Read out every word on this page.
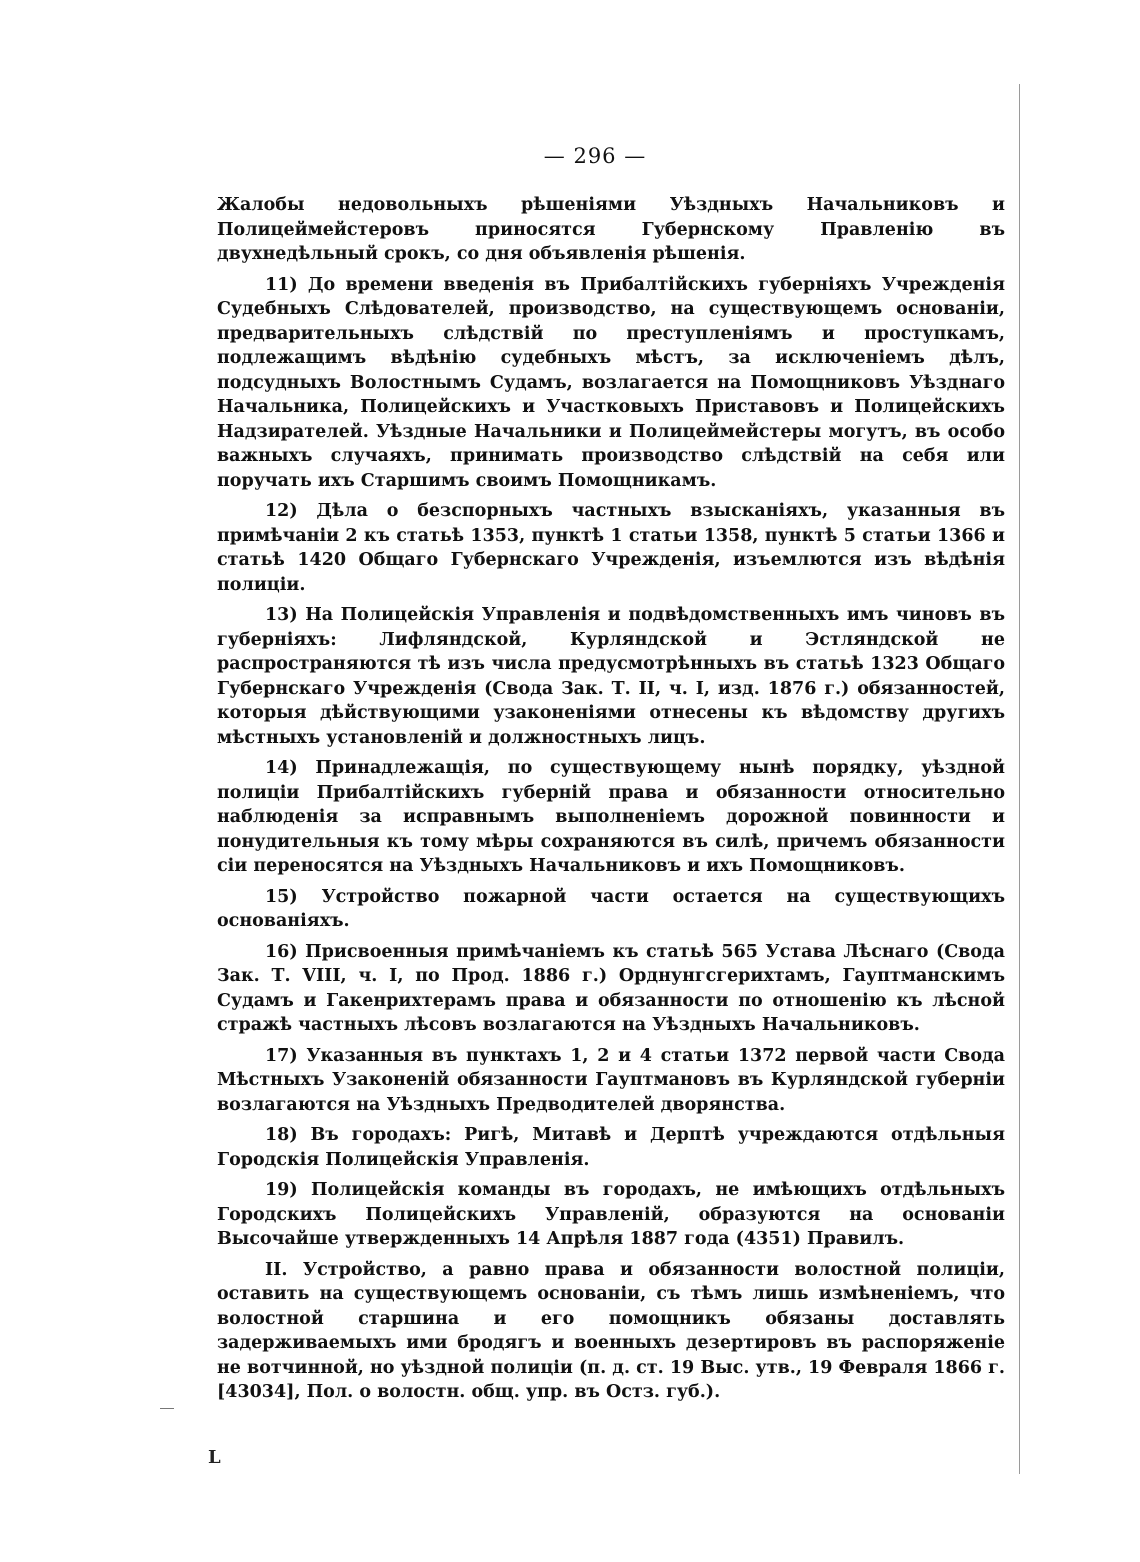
— 296 —

Жалобы недовольныхъ рѣшеніями Уѣздныхъ Начальниковъ и Полицеймейстеровъ приносятся Губернскому Правленію въ двухнедѣльный срокъ, со дня объявленія рѣшенія.

11) До времени введенія въ Прибалтійскихъ губерніяхъ Учрежденія Судебныхъ Слѣдователей, производство, на существующемъ основаніи, предварительныхъ слѣдствій по преступленіямъ и проступкамъ, подлежащимъ вѣдѣнію судебныхъ мѣстъ, за исключеніемъ дѣлъ, подсудныхъ Волостнымъ Судамъ, возлагается на Помощниковъ Уѣзднаго Начальника, Полицейскихъ и Участковыхъ Приставовъ и Полицейскихъ Надзирателей. Уѣздные Начальники и Полицеймейстеры могутъ, въ особо важныхъ случаяхъ, принимать производство слѣдствій на себя или поручать ихъ Старшимъ своимъ Помощникамъ.

12) Дѣла о безспорныхъ частныхъ взысканіяхъ, указанныя въ примѣчаніи 2 къ статьѣ 1353, пунктѣ 1 статьи 1358, пунктѣ 5 статьи 1366 и статьѣ 1420 Общаго Губернскаго Учрежденія, изъемлются изъ вѣдѣнія полиціи.

13) На Полицейскія Управленія и подвѣдомственныхъ имъ чиновъ въ губерніяхъ: Лифляндской, Курляндской и Эстляндской не распространяются тѣ изъ числа предусмотрѣнныхъ въ статьѣ 1323 Общаго Губернскаго Учрежденія (Свода Зак. Т. II, ч. I, изд. 1876 г.) обязанностей, которыя дѣйствующими узаконеніями отнесены къ вѣдомству другихъ мѣстныхъ установленій и должностныхъ лицъ.

14) Принадлежащія, по существующему нынѣ порядку, уѣздной полиціи Прибалтійскихъ губерній права и обязанности относительно наблюденія за исправнымъ выполненіемъ дорожной повинности и понудительныя къ тому мѣры сохраняются въ силѣ, причемъ обязанности сіи переносятся на Уѣздныхъ Начальниковъ и ихъ Помощниковъ.

15) Устройство пожарной части остается на существующихъ основаніяхъ.

16) Присвоенныя примѣчаніемъ къ статьѣ 565 Устава Лѣснаго (Свода Зак. Т. VIII, ч. I, по Прод. 1886 г.) Орднунгсгерихтамъ, Гауптманскимъ Судамъ и Гакенрихтерамъ права и обязанности по отношенію къ лѣсной стражѣ частныхъ лѣсовъ возлагаются на Уѣздныхъ Начальниковъ.

17) Указанныя въ пунктахъ 1, 2 и 4 статьи 1372 первой части Свода Мѣстныхъ Узаконеній обязанности Гауптмановъ въ Курляндской губерніи возлагаются на Уѣздныхъ Предводителей дворянства.

18) Въ городахъ: Ригѣ, Митавѣ и Дерптѣ учреждаются отдѣльныя Городскія Полицейскія Управленія.

19) Полицейскія команды въ городахъ, не имѣющихъ отдѣльныхъ Городскихъ Полицейскихъ Управленій, образуются на основаніи Высочайше утвержденныхъ 14 Апрѣля 1887 года (4351) Правилъ.

II. Устройство, а равно права и обязанности волостной полиціи, оставить на существующемъ основаніи, съ тѣмъ лишь измѣненіемъ, что волостной старшина и его помощникъ обязаны доставлять задерживаемыхъ ими бродягъ и военныхъ дезертировъ въ распоряженіе не вотчинной, но уѣздной полиціи (п. д. ст. 19 Выс. утв., 19 Февраля 1866 г. [43034], Пол. о волостн. общ. упр. въ Остз. губ.).

L
